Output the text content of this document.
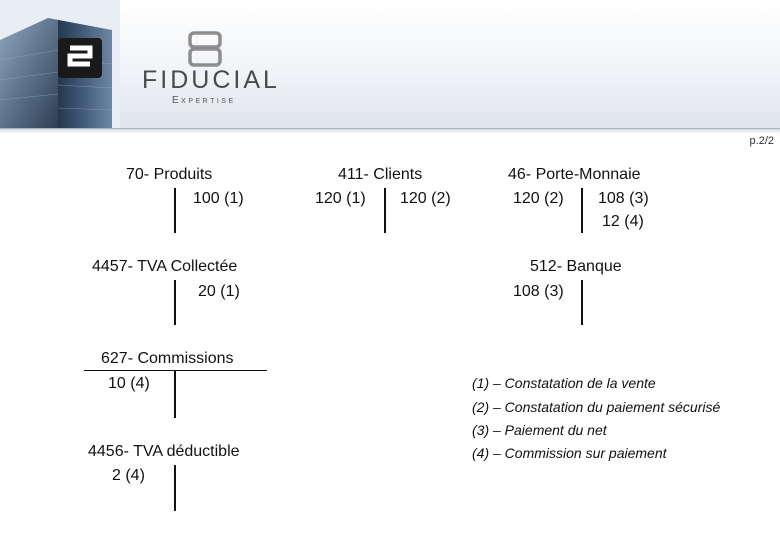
FIDUCIAL
Expertise
p.2/2
70- Produits
100 (1)
411- Clients
120 (1) 120 (2)
46- Porte-Monnaie
120 (2) 108 (3)
12 (4)
4457- TVA Collectée
20 (1)
512- Banque
108 (3)
627- Commissions
10 (4)
4456- TVA déductible
2 (4)
(1) – Constatation de la vente
(2) – Constatation du paiement sécurisé
(3) – Paiement du net
(4) – Commission sur paiement
